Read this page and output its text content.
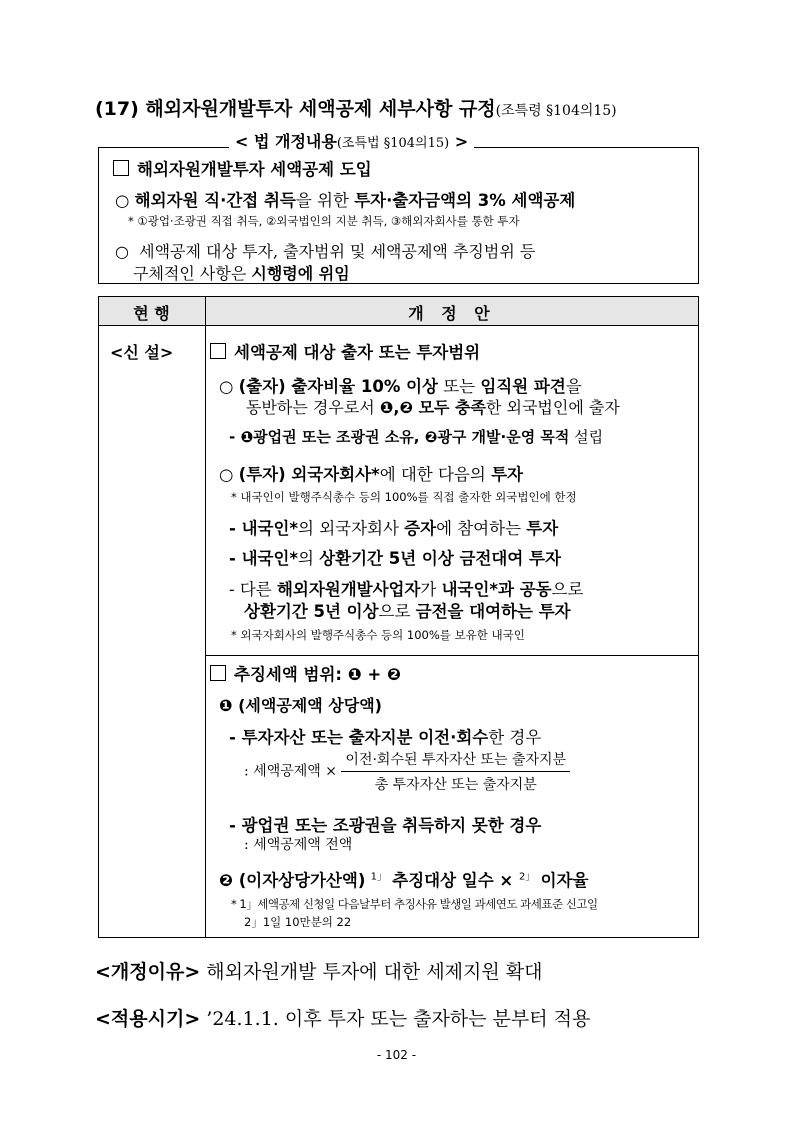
(17) 해외자원개발투자 세액공제 세부사항 규정(조특령 §104의15)
< 법 개정내용(조특법 §104의15) >
해외자원개발투자 세액공제 도입
○ 해외자원 직·간접 취득을 위한 투자·출자금액의 3% 세액공제
* ①광업·조광권 직접 취득, ②외국법인의 지분 취득, ③해외자회사를 통한 투자
○ 세액공제 대상 투자, 출자범위 및 세액공제액 추징범위 등
구체적인 사항은 시행령에 위임
현 행	개 정 안
<신 설>	세액공제 대상 출자 또는 투자범위
○ (출자) 출자비율 10% 이상 또는 임직원 파견을
동반하는 경우로서 ❶,❷ 모두 충족한 외국법인에 출자
- ❶광업권 또는 조광권 소유, ❷광구 개발·운영 목적 설립
○ (투자) 외국자회사*에 대한 다음의 투자
* 내국인이 발행주식총수 등의 100%를 직접 출자한 외국법인에 한정
- 내국인*의 외국자회사 증자에 참여하는 투자
- 내국인*의 상환기간 5년 이상 금전대여 투자
- 다른 해외자원개발사업자가 내국인*과 공동으로
상환기간 5년 이상으로 금전을 대여하는 투자
* 외국자회사의 발행주식총수 등의 100%를 보유한 내국인
추징세액 범위: ❶ + ❷
❶ (세액공제액 상당액)
- 투자자산 또는 출자지분 이전·회수한 경우
: 세액공제액 × $\frac{\text{이전·회수된 투자자산 또는 출자지분}}{\text{총 투자자산 또는 출자지분}}$
- 광업권 또는 조광권을 취득하지 못한 경우
: 세액공제액 전액
❷ (이자상당가산액) $^{1」}$ 추징대상 일수 × $^{2」}$ 이자율
* 1」세액공제 신청일 다음날부터 추징사유 발생일 과세연도 과세표준 신고일
2」1일 10만분의 22
<개정이유> 해외자원개발 투자에 대한 세제지원 확대
<적용시기> ’24.1.1. 이후 투자 또는 출자하는 분부터 적용
- 102 -
